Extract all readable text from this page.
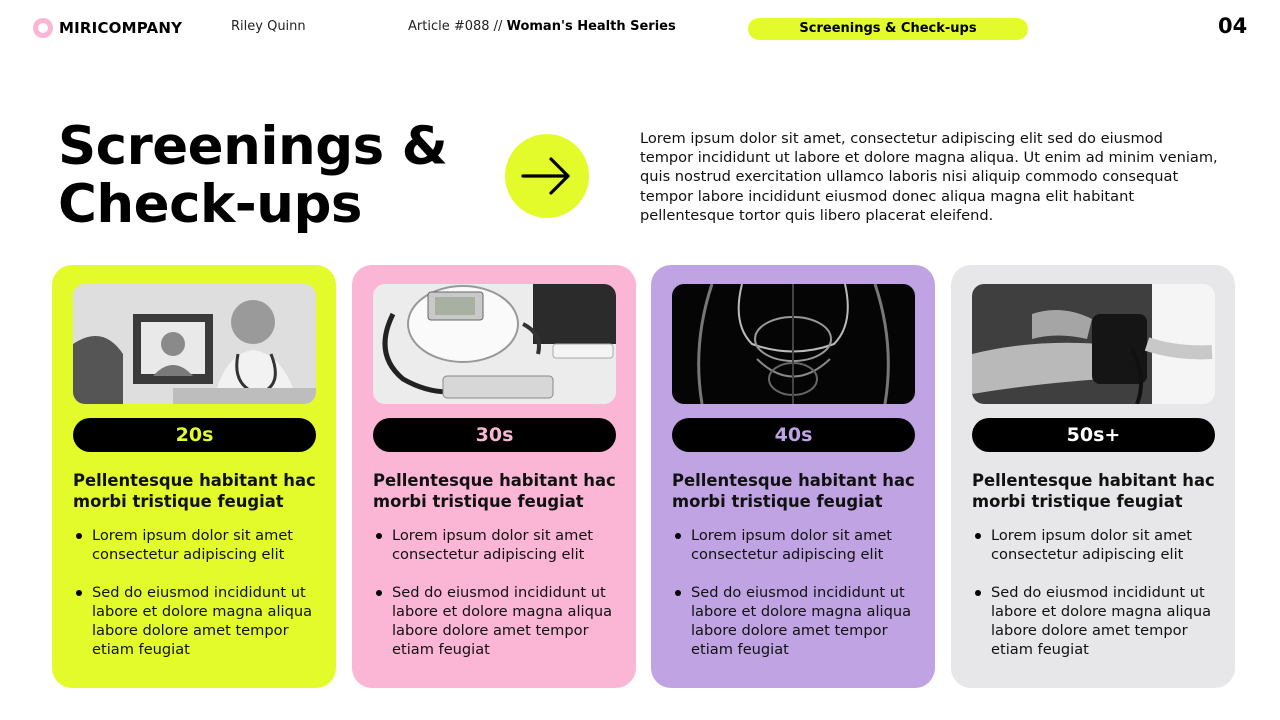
MIRICOMPANY	Riley Quinn	Article #088 // Woman's Health Series	Screenings & Check-ups	04
Screenings & Check-ups

Lorem ipsum dolor sit amet, consectetur adipiscing elit sed do eiusmod tempor incididunt ut labore et dolore magna aliqua. Ut enim ad minim veniam, quis nostrud exercitation ullamco laboris nisi aliquip commodo consequat tempor labore incididunt eiusmod donec aliqua magna elit habitant pellentesque tortor quis libero placerat eleifend.

20s
Pellentesque habitant hac morbi tristique feugiat
Lorem ipsum dolor sit amet consectetur adipiscing elit
Sed do eiusmod incididunt ut labore et dolore magna aliqua labore dolore amet tempor etiam feugiat
30s
Pellentesque habitant hac morbi tristique feugiat
Lorem ipsum dolor sit amet consectetur adipiscing elit
Sed do eiusmod incididunt ut labore et dolore magna aliqua labore dolore amet tempor etiam feugiat
40s
Pellentesque habitant hac morbi tristique feugiat
Lorem ipsum dolor sit amet consectetur adipiscing elit
Sed do eiusmod incididunt ut labore et dolore magna aliqua labore dolore amet tempor etiam feugiat
50s+
Pellentesque habitant hac morbi tristique feugiat
Lorem ipsum dolor sit amet consectetur adipiscing elit
Sed do eiusmod incididunt ut labore et dolore magna aliqua labore dolore amet tempor etiam feugiat
